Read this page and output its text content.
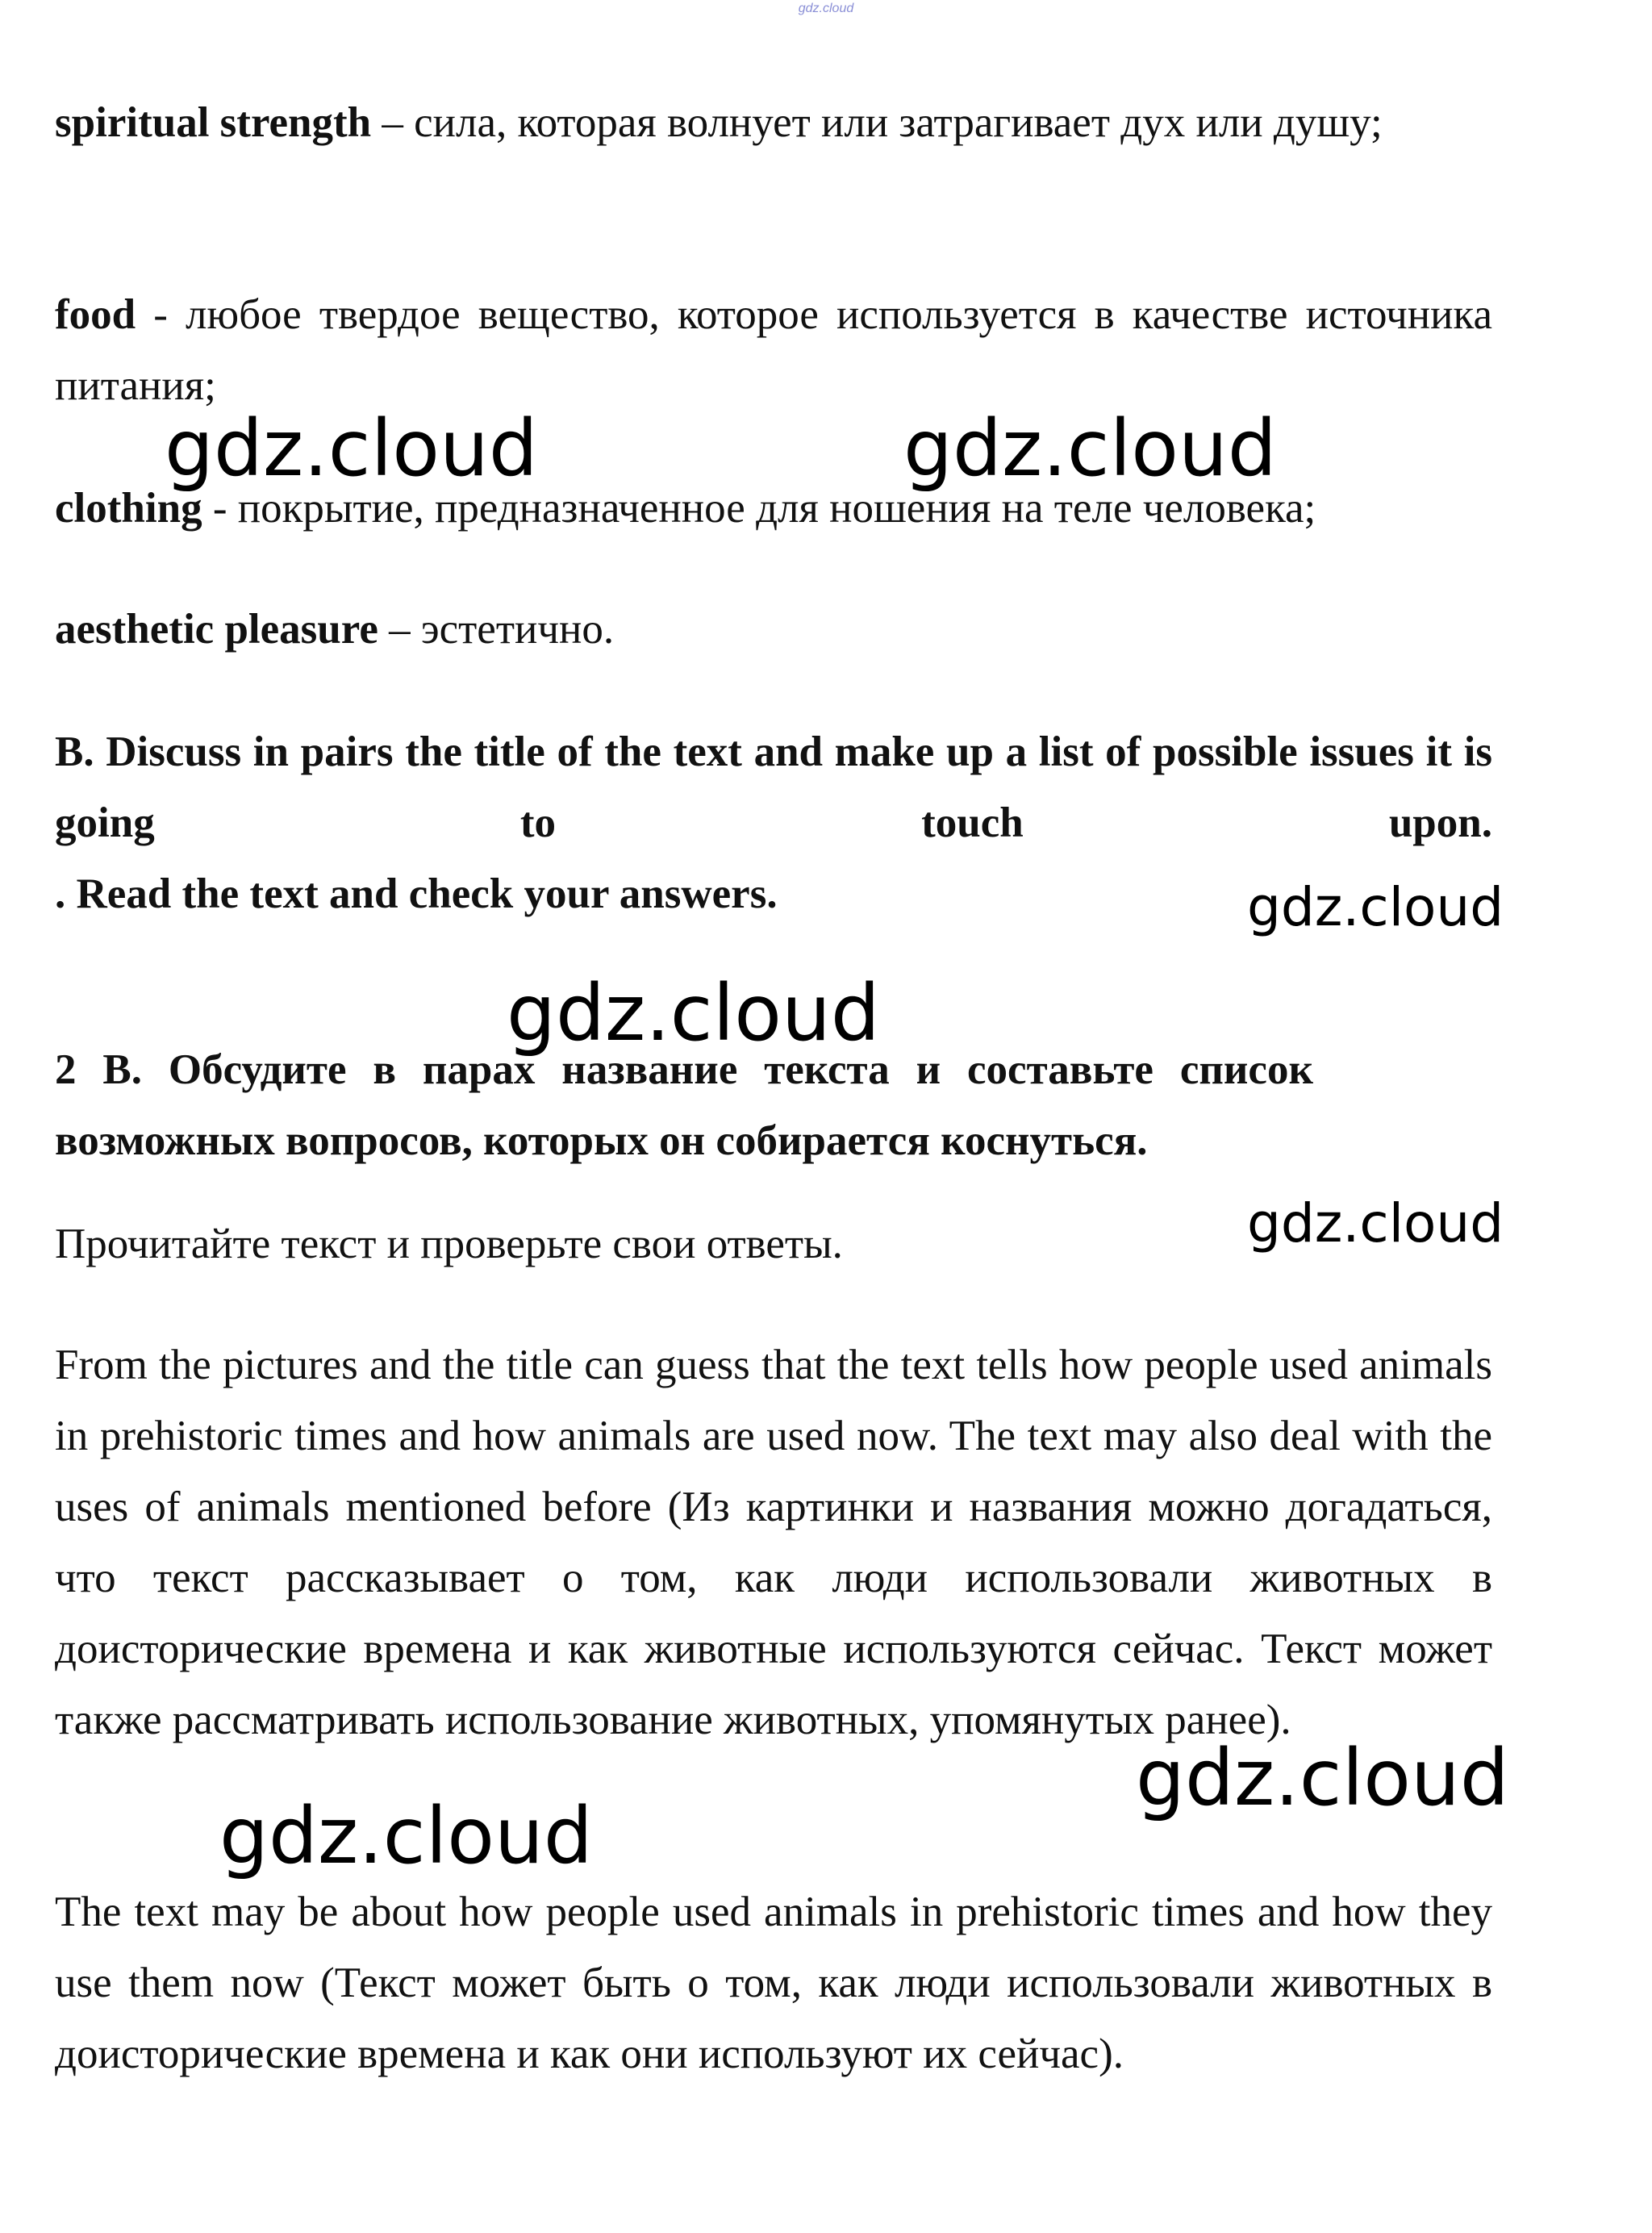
gdz.cloud
spiritual strength – сила, которая волнует или затрагивает дух или душу;
food - любое твердое вещество, которое используется в качестве источника питания;
clothing - покрытие, предназначенное для ношения на теле человека;
aesthetic pleasure – эстетично.
B. Discuss in pairs the title of the text and make up a list of possible issues it is going to touch upon.
. Read the text and check your answers.
2 B. Обсудите в парах название текста и составьте список возможных вопросов, которых он собирается коснуться.
Прочитайте текст и проверьте свои ответы.
From the pictures and the title can guess that the text tells how people used animals in prehistoric times and how animals are used now. The text may also deal with the uses of animals mentioned before (Из картинки и названия можно догадаться, что текст рассказывает о том, как люди использовали животных в доисторические времена и как животные используются сейчас. Текст может также рассматривать использование животных, упомянутых ранее).
The text may be about how people used animals in prehistoric times and how they use them now (Текст может быть о том, как люди использовали животных в доисторические времена и как они используют их сейчас).
gdz.cloud	gdz.cloud
gdz.cloud
gdz.cloud
gdz.cloud
gdz.cloud
gdz.cloud
